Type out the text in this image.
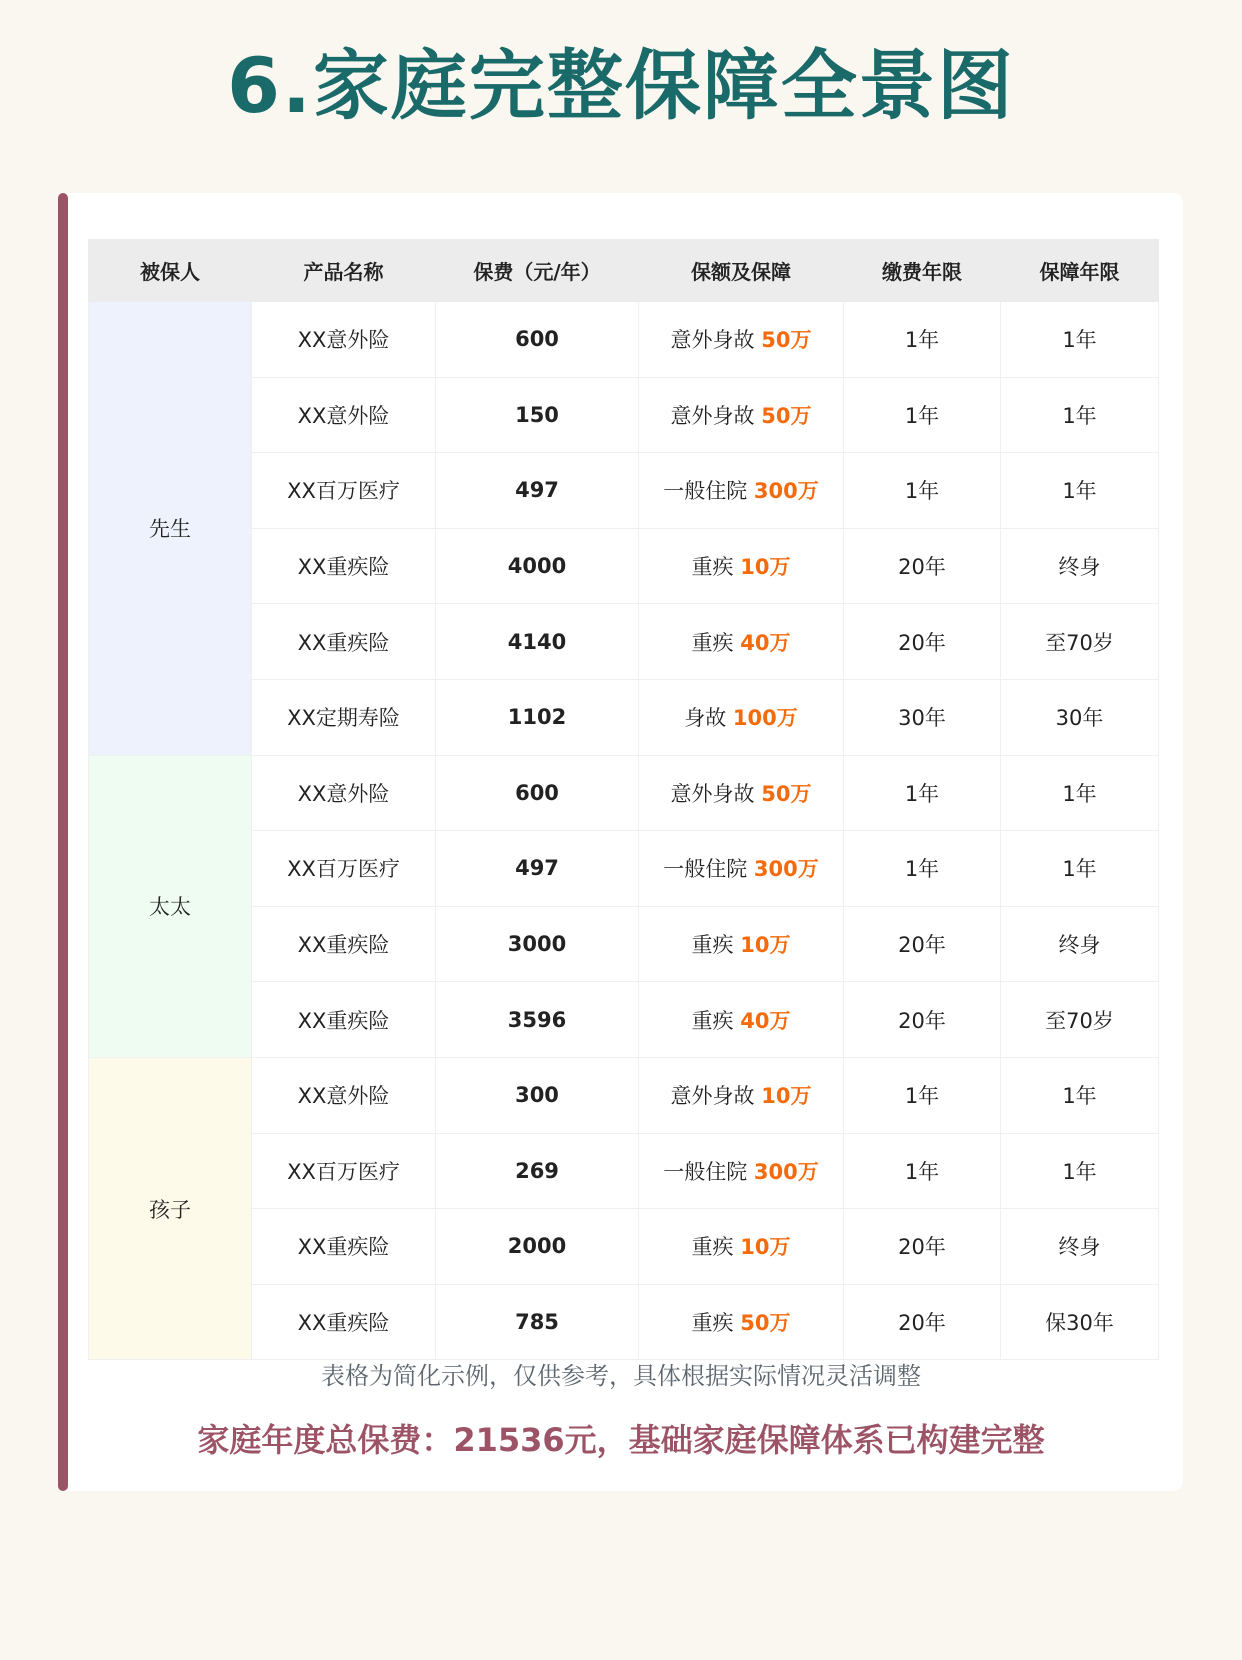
6.家庭完整保障全景图
被保人	产品名称	保费（元/年）	保额及保障	缴费年限	保障年限
先生	XX意外险	600	意外身故 50万	1年	1年
	XX意外险	150	意外身故 50万	1年	1年
	XX百万医疗	497	一般住院 300万	1年	1年
	XX重疾险	4000	重疾 10万	20年	终身
	XX重疾险	4140	重疾 40万	20年	至70岁
	XX定期寿险	1102	身故 100万	30年	30年
太太	XX意外险	600	意外身故 50万	1年	1年
	XX百万医疗	497	一般住院 300万	1年	1年
	XX重疾险	3000	重疾 10万	20年	终身
	XX重疾险	3596	重疾 40万	20年	至70岁
孩子	XX意外险	300	意外身故 10万	1年	1年
	XX百万医疗	269	一般住院 300万	1年	1年
	XX重疾险	2000	重疾 10万	20年	终身
	XX重疾险	785	重疾 50万	20年	保30年
表格为简化示例，仅供参考，具体根据实际情况灵活调整
家庭年度总保费：21536元，基础家庭保障体系已构建完整
